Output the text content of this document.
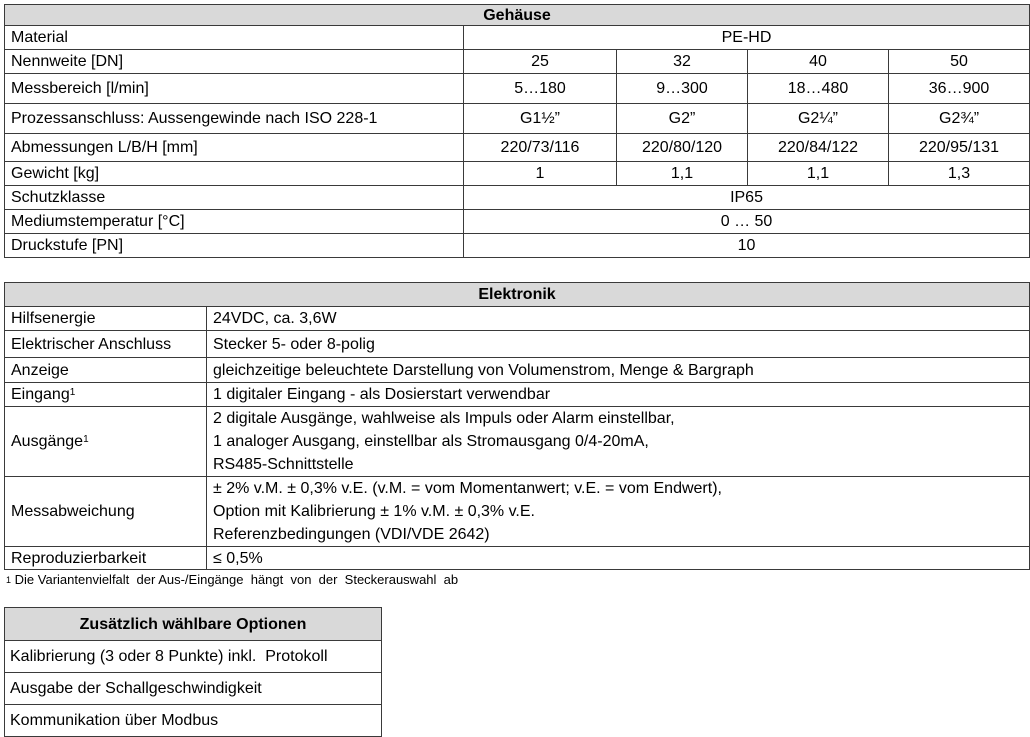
Gehäuse				
Material	PE-HD			
Nennweite [DN]	25	32	40	50
Messbereich [l/min]	5…180	9…300	18…480	36…900
Prozessanschluss: Aussengewinde nach ISO 228-1	G1½”	G2”	G2¼”	G2¾”
Abmessungen L/B/H [mm]	220/73/116	220/80/120	220/84/122	220/95/131
Gewicht [kg]	1	1,1	1,1	1,3
Schutzklasse	IP65			
Mediumstemperatur [°C]	0 … 50			
Druckstufe [PN]	10			
Elektronik	
Hilfsenergie	24VDC, ca. 3,6W
Elektrischer Anschluss	Stecker 5- oder 8-polig
Anzeige	gleichzeitige beleuchtete Darstellung von Volumenstrom, Menge & Bargraph
Eingang$^1$	1 digitaler Eingang - als Dosierstart verwendbar
Ausgänge$^1$	2 digitale Ausgänge, wahlweise als Impuls oder Alarm einstellbar,
1 analoger Ausgang, einstellbar als Stromausgang 0/4-20mA,
RS485-Schnittstelle

Messabweichung	± 2% v.M. ± 0,3% v.E. (v.M. = vom Momentanwert; v.E. = vom Endwert),
Option mit Kalibrierung ± 1% v.M. ± 0,3% v.E.
Referenzbedingungen (VDI/VDE 2642)

Reproduzierbarkeit	≤ 0,5%
$^1$ Die Variantenvielfalt  der Aus-/Eingänge  hängt  von  der  Steckerauswahl  ab
Zusätzlich wählbare Optionen
Kalibrierung (3 oder 8 Punkte) inkl.  Protokoll
Ausgabe der Schallgeschwindigkeit
Kommunikation über Modbus
